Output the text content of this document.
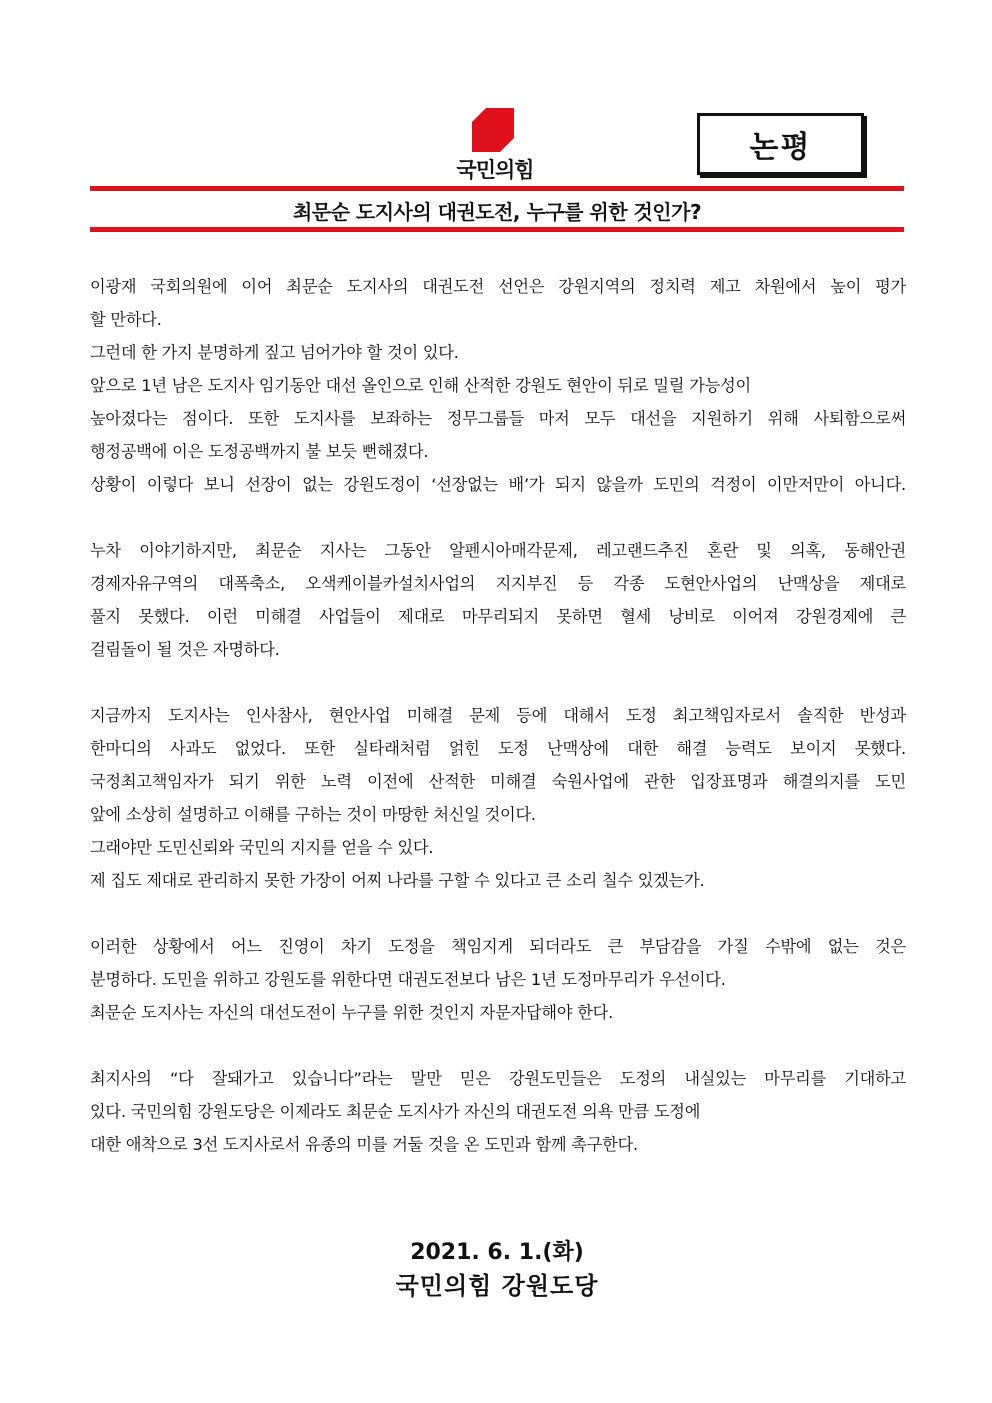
국민의힘
논평
최문순 도지사의 대권도전, 누구를 위한 것인가?
이광재 국회의원에 이어 최문순 도지사의 대권도전 선언은 강원지역의 정치력 제고 차원에서 높이 평가
할 만하다.
그런데 한 가지 분명하게 짚고 넘어가야 할 것이 있다.
앞으로 1년 남은 도지사 임기동안 대선 올인으로 인해 산적한 강원도 현안이 뒤로 밀릴 가능성이
높아졌다는 점이다. 또한 도지사를 보좌하는 정무그룹들 마저 모두 대선을 지원하기 위해 사퇴함으로써
행정공백에 이은 도정공백까지 불 보듯 뻔해졌다.
상황이 이렇다 보니 선장이 없는 강원도정이 ‘선장없는 배’가 되지 않을까 도민의 걱정이 이만저만이 아니다.
누차 이야기하지만, 최문순 지사는 그동안 알펜시아매각문제, 레고랜드추진 혼란 및 의혹, 동해안권
경제자유구역의 대폭축소, 오색케이블카설치사업의 지지부진 등 각종 도현안사업의 난맥상을 제대로
풀지 못했다. 이런 미해결 사업들이 제대로 마무리되지 못하면 혈세 낭비로 이어져 강원경제에 큰
걸림돌이 될 것은 자명하다.
지금까지 도지사는 인사참사, 현안사업 미해결 문제 등에 대해서 도정 최고책임자로서 솔직한 반성과
한마디의 사과도 없었다. 또한 실타래처럼 얽힌 도정 난맥상에 대한 해결 능력도 보이지 못했다.
국정최고책임자가 되기 위한 노력 이전에 산적한 미해결 숙원사업에 관한 입장표명과 해결의지를 도민
앞에 소상히 설명하고 이해를 구하는 것이 마땅한 처신일 것이다.
그래야만 도민신뢰와 국민의 지지를 얻을 수 있다.
제 집도 제대로 관리하지 못한 가장이 어찌 나라를 구할 수 있다고 큰 소리 칠수 있겠는가.
이러한 상황에서 어느 진영이 차기 도정을 책임지게 되더라도 큰 부담감을 가질 수밖에 없는 것은
분명하다. 도민을 위하고 강원도를 위한다면 대권도전보다 남은 1년 도정마무리가 우선이다.
최문순 도지사는 자신의 대선도전이 누구를 위한 것인지 자문자답해야 한다.
최지사의 “다 잘돼가고 있습니다”라는 말만 믿은 강원도민들은 도정의 내실있는 마무리를 기대하고
있다. 국민의힘 강원도당은 이제라도 최문순 도지사가 자신의 대권도전 의욕 만큼 도정에
대한 애착으로 3선 도지사로서 유종의 미를 거둘 것을 온 도민과 함께 촉구한다.
2021. 6. 1.(화)
국민의힘 강원도당
